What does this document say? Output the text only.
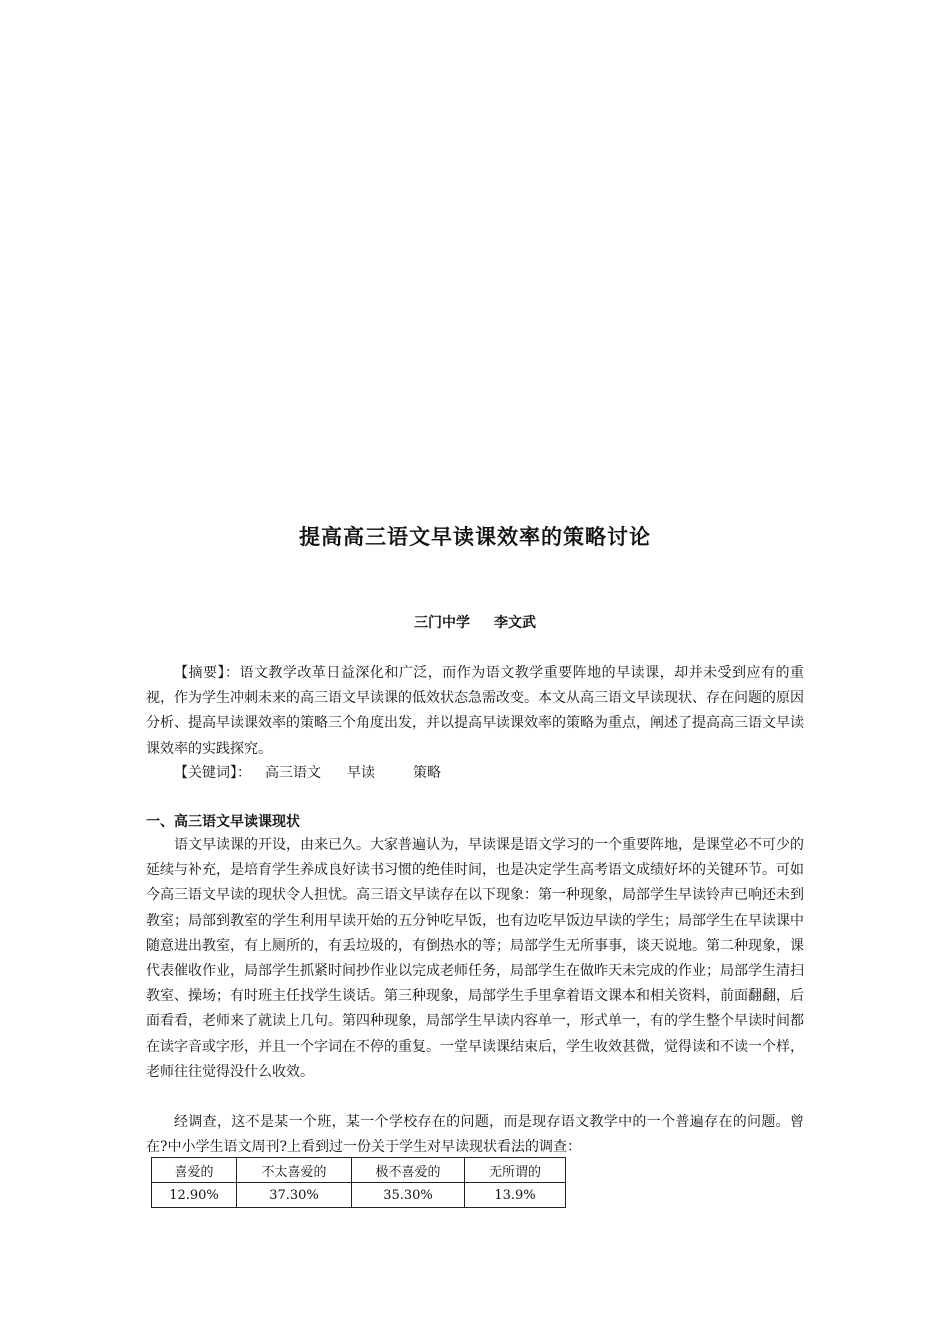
提高高三语文早读课效率的策略讨论
三门中学 李文武

【摘要】：语文教学改革日益深化和广泛，而作为语文教学重要阵地的早读课，却并未受到应有的重视，作为学生冲刺未来的高三语文早读课的低效状态急需改变。本文从高三语文早读现状、存在问题的原因分析、提高早读课效率的策略三个角度出发，并以提高早读课效率的策略为重点，阐述了提高高三语文早读课效率的实践探究。

【关键词】： 高三语文 早读	策略

一、高三语文早读课现状

语文早读课的开设，由来已久。大家普遍认为，早读课是语文学习的一个重要阵地，是课堂必不可少的延续与补充，是培育学生养成良好读书习惯的绝佳时间，也是决定学生高考语文成绩好坏的关键环节。可如今高三语文早读的现状令人担忧。高三语文早读存在以下现象：第一种现象，局部学生早读铃声已响还未到教室；局部到教室的学生利用早读开始的五分钟吃早饭，也有边吃早饭边早读的学生；局部学生在早读课中随意进出教室，有上厕所的，有丢垃圾的，有倒热水的等；局部学生无所事事，谈天说地。第二种现象，课代表催收作业，局部学生抓紧时间抄作业以完成老师任务，局部学生在做昨天未完成的作业；局部学生清扫教室、操场；有时班主任找学生谈话。第三种现象，局部学生手里拿着语文课本和相关资料，前面翻翻，后面看看，老师来了就读上几句。第四种现象，局部学生早读内容单一，形式单一，有的学生整个早读时间都在读字音或字形，并且一个字词在不停的重复。一堂早读课结束后，学生收效甚微，觉得读和不读一个样，老师往往觉得没什么收效。

经调查，这不是某一个班，某一个学校存在的问题，而是现存语文教学中的一个普遍存在的问题。曾在?中小学生语文周刊?上看到过一份关于学生对早读现状看法的调查：

喜爱的	不太喜爱的	极不喜爱的	无所谓的
12.90%	37.30%	35.30%	13.9%
